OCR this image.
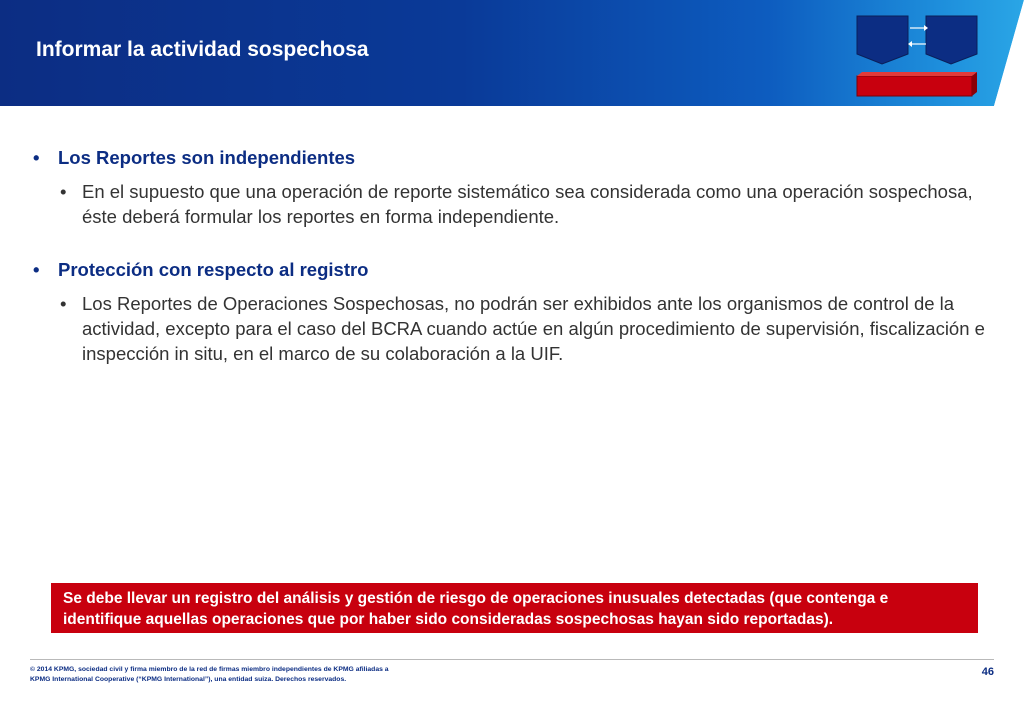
Informar la actividad sospechosa
• Los Reportes son independientes
• En el supuesto que una operación de reporte sistemático sea considerada como una operación sospechosa, éste deberá formular los reportes en forma independiente.
• Protección con respecto al registro
• Los Reportes de Operaciones Sospechosas, no podrán ser exhibidos ante los organismos de control de la actividad, excepto para el caso del BCRA cuando actúe en algún procedimiento de supervisión, fiscalización e inspección in situ, en el marco de su colaboración a la UIF.
Se debe llevar un registro del análisis y gestión de riesgo de operaciones inusuales detectadas (que contenga e identifique aquellas operaciones que por haber sido consideradas sospechosas hayan sido reportadas).
© 2014 KPMG, sociedad civil y firma miembro de la red de firmas miembro independientes de KPMG afiliadas a
KPMG International Cooperative (“KPMG International”), una entidad suiza. Derechos reservados.
46
